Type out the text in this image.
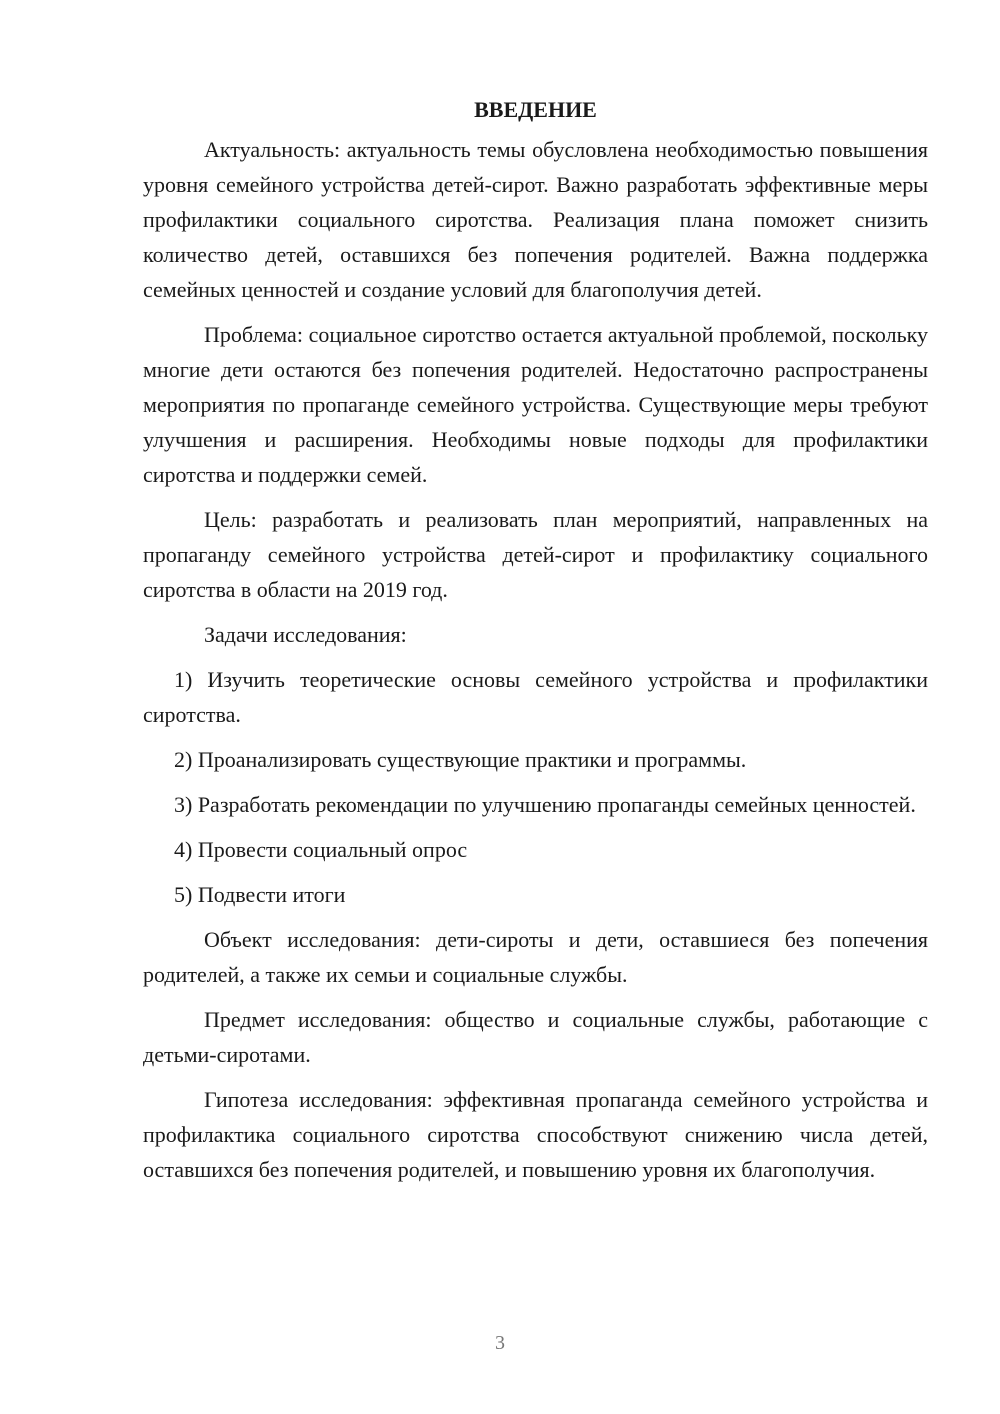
ВВЕДЕНИЕ

Актуальность: актуальность темы обусловлена необходимостью повышения уровня семейного устройства детей-сирот. Важно разработать эффективные меры профилактики социального сиротства. Реализация плана поможет снизить количество детей, оставшихся без попечения родителей. Важна поддержка семейных ценностей и создание условий для благополучия детей.

Проблема: социальное сиротство остается актуальной проблемой, поскольку многие дети остаются без попечения родителей. Недостаточно распространены мероприятия по пропаганде семейного устройства. Существующие меры требуют улучшения и расширения. Необходимы новые подходы для профилактики сиротства и поддержки семей.

Цель: разработать и реализовать план мероприятий, направленных на пропаганду семейного устройства детей-сирот и профилактику социального сиротства в области на 2019 год.

Задачи исследования:

1) Изучить теоретические основы семейного устройства и профилактики сиротства.

2) Проанализировать существующие практики и программы.

3) Разработать рекомендации по улучшению пропаганды семейных ценностей.

4) Провести социальный опрос

5) Подвести итоги

Объект исследования: дети-сироты и дети, оставшиеся без попечения родителей, а также их семьи и социальные службы.

Предмет исследования: общество и социальные службы, работающие с детьми-сиротами.

Гипотеза исследования: эффективная пропаганда семейного устройства и профилактика социального сиротства способствуют снижению числа детей, оставшихся без попечения родителей, и повышению уровня их благополучия.

3
